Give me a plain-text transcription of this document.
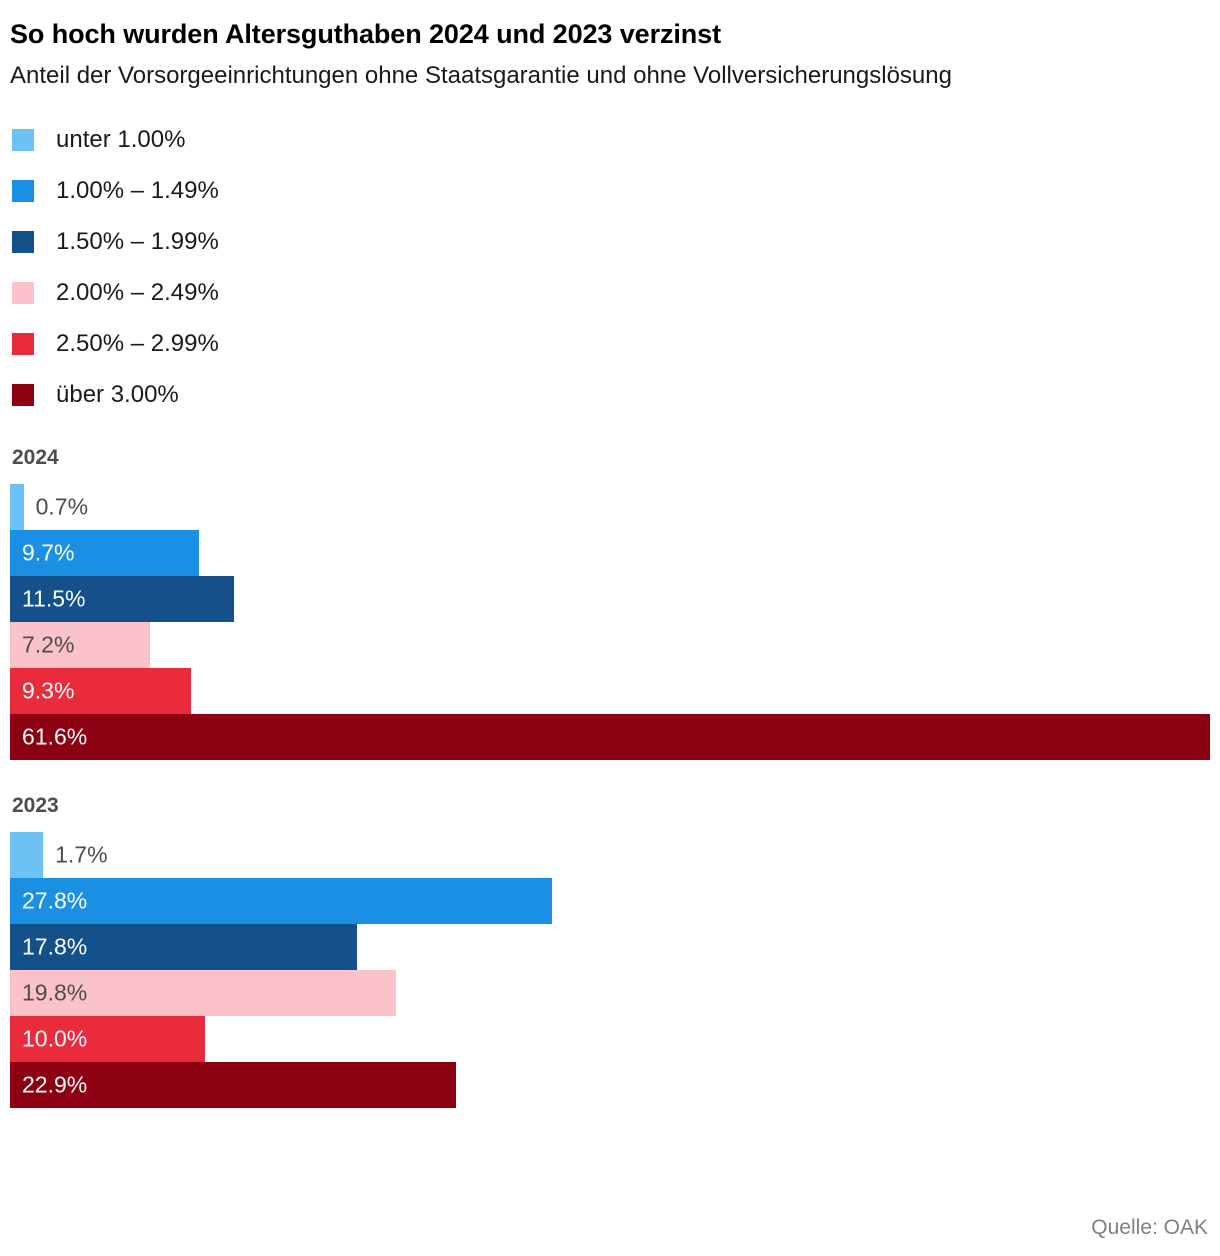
So hoch wurden Altersguthaben 2024 und 2023 verzinst

Anteil der Vorsorgeeinrichtungen ohne Staatsgarantie und ohne Vollversicherungslösung

unter 1.00%
1.00% – 1.49%
1.50% – 1.99%
2.00% – 2.49%
2.50% – 2.99%
über 3.00%
2024
0.7%
9.7%
11.5%
7.2%
9.3%
61.6%
2023
1.7%
27.8%
17.8%
19.8%
10.0%
22.9%
Quelle: OAK
